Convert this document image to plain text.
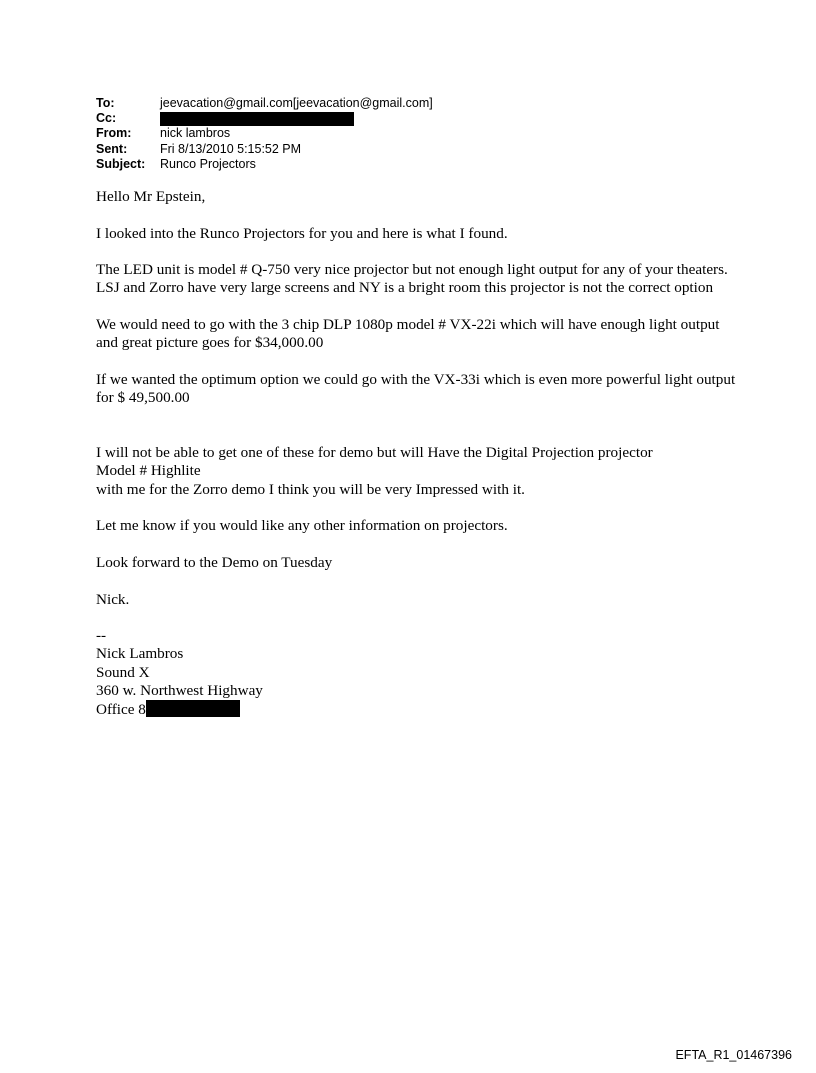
To:	jeevacation@gmail.com[jeevacation@gmail.com]
Cc:
From:	nick lambros
Sent:	Fri 8/13/2010 5:15:52 PM
Subject:	Runco Projectors

Hello Mr Epstein,

I looked into the Runco Projectors for you and here is what I found.

The LED unit is model # Q-750 very nice projector but not enough light output for any of your theaters. LSJ and Zorro have very large screens and NY is a bright room this projector is not the correct option

We would need to go with the 3 chip DLP 1080p model # VX-22i which will have enough light output and great picture goes for $34,000.00

If we wanted the optimum option we could go with the VX-33i which is even more powerful light output for $ 49,500.00

I will not be able to get one of these for demo but will Have the Digital Projection projector
Model # Highlite
with me for the Zorro demo I think you will be very Impressed with it.

Let me know if you would like any other information on projectors.

Look forward to the Demo on Tuesday

Nick.

--
Nick Lambros
Sound X
360 w. Northwest Highway
Office 8
EFTA_R1_01467396
